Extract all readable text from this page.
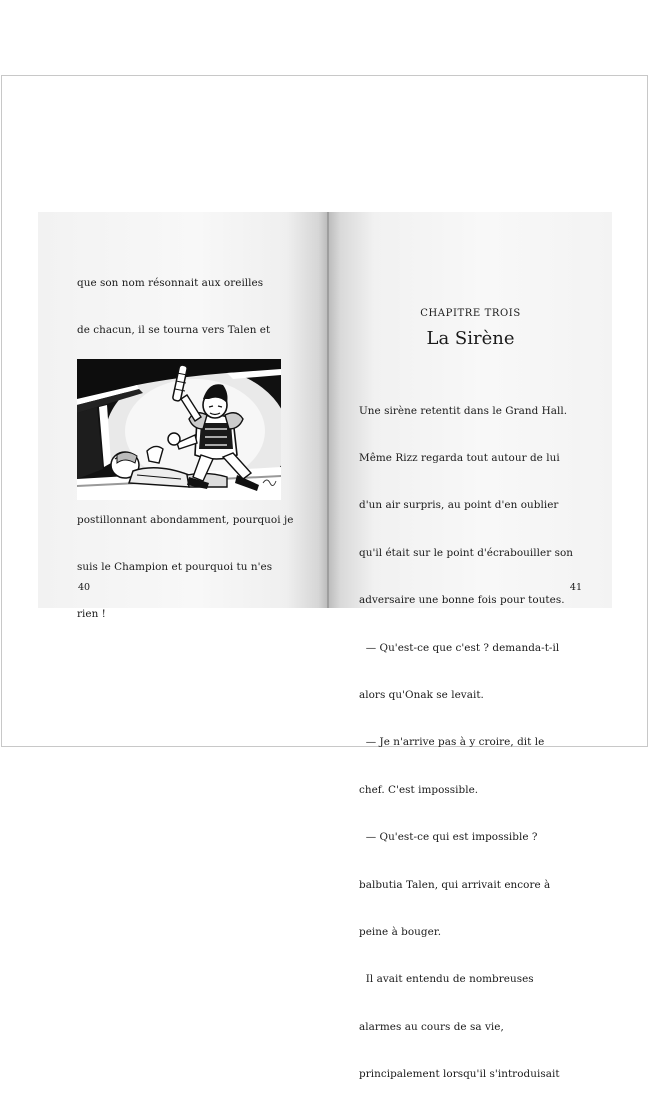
que son nom résonnait aux oreilles

de chacun, il se tourna vers Talen et

postillonnant abondamment, pourquoi je

suis le Champion et pourquoi tu n'es

rien !

40
CHAPITRE TROIS
La Sirène

Une sirène retentit dans le Grand Hall.

Même Rizz regarda tout autour de lui

d'un air surpris, au point d'en oublier

qu'il était sur le point d'écrabouiller son

adversaire une bonne fois pour toutes.

— Qu'est-ce que c'est ? demanda-t-il

alors qu'Onak se levait.

— Je n'arrive pas à y croire, dit le

chef. C'est impossible.

— Qu'est-ce qui est impossible ?

balbutia Talen, qui arrivait encore à

peine à bouger.

Il avait entendu de nombreuses

alarmes au cours de sa vie,

principalement lorsqu'il s'introduisait

41
